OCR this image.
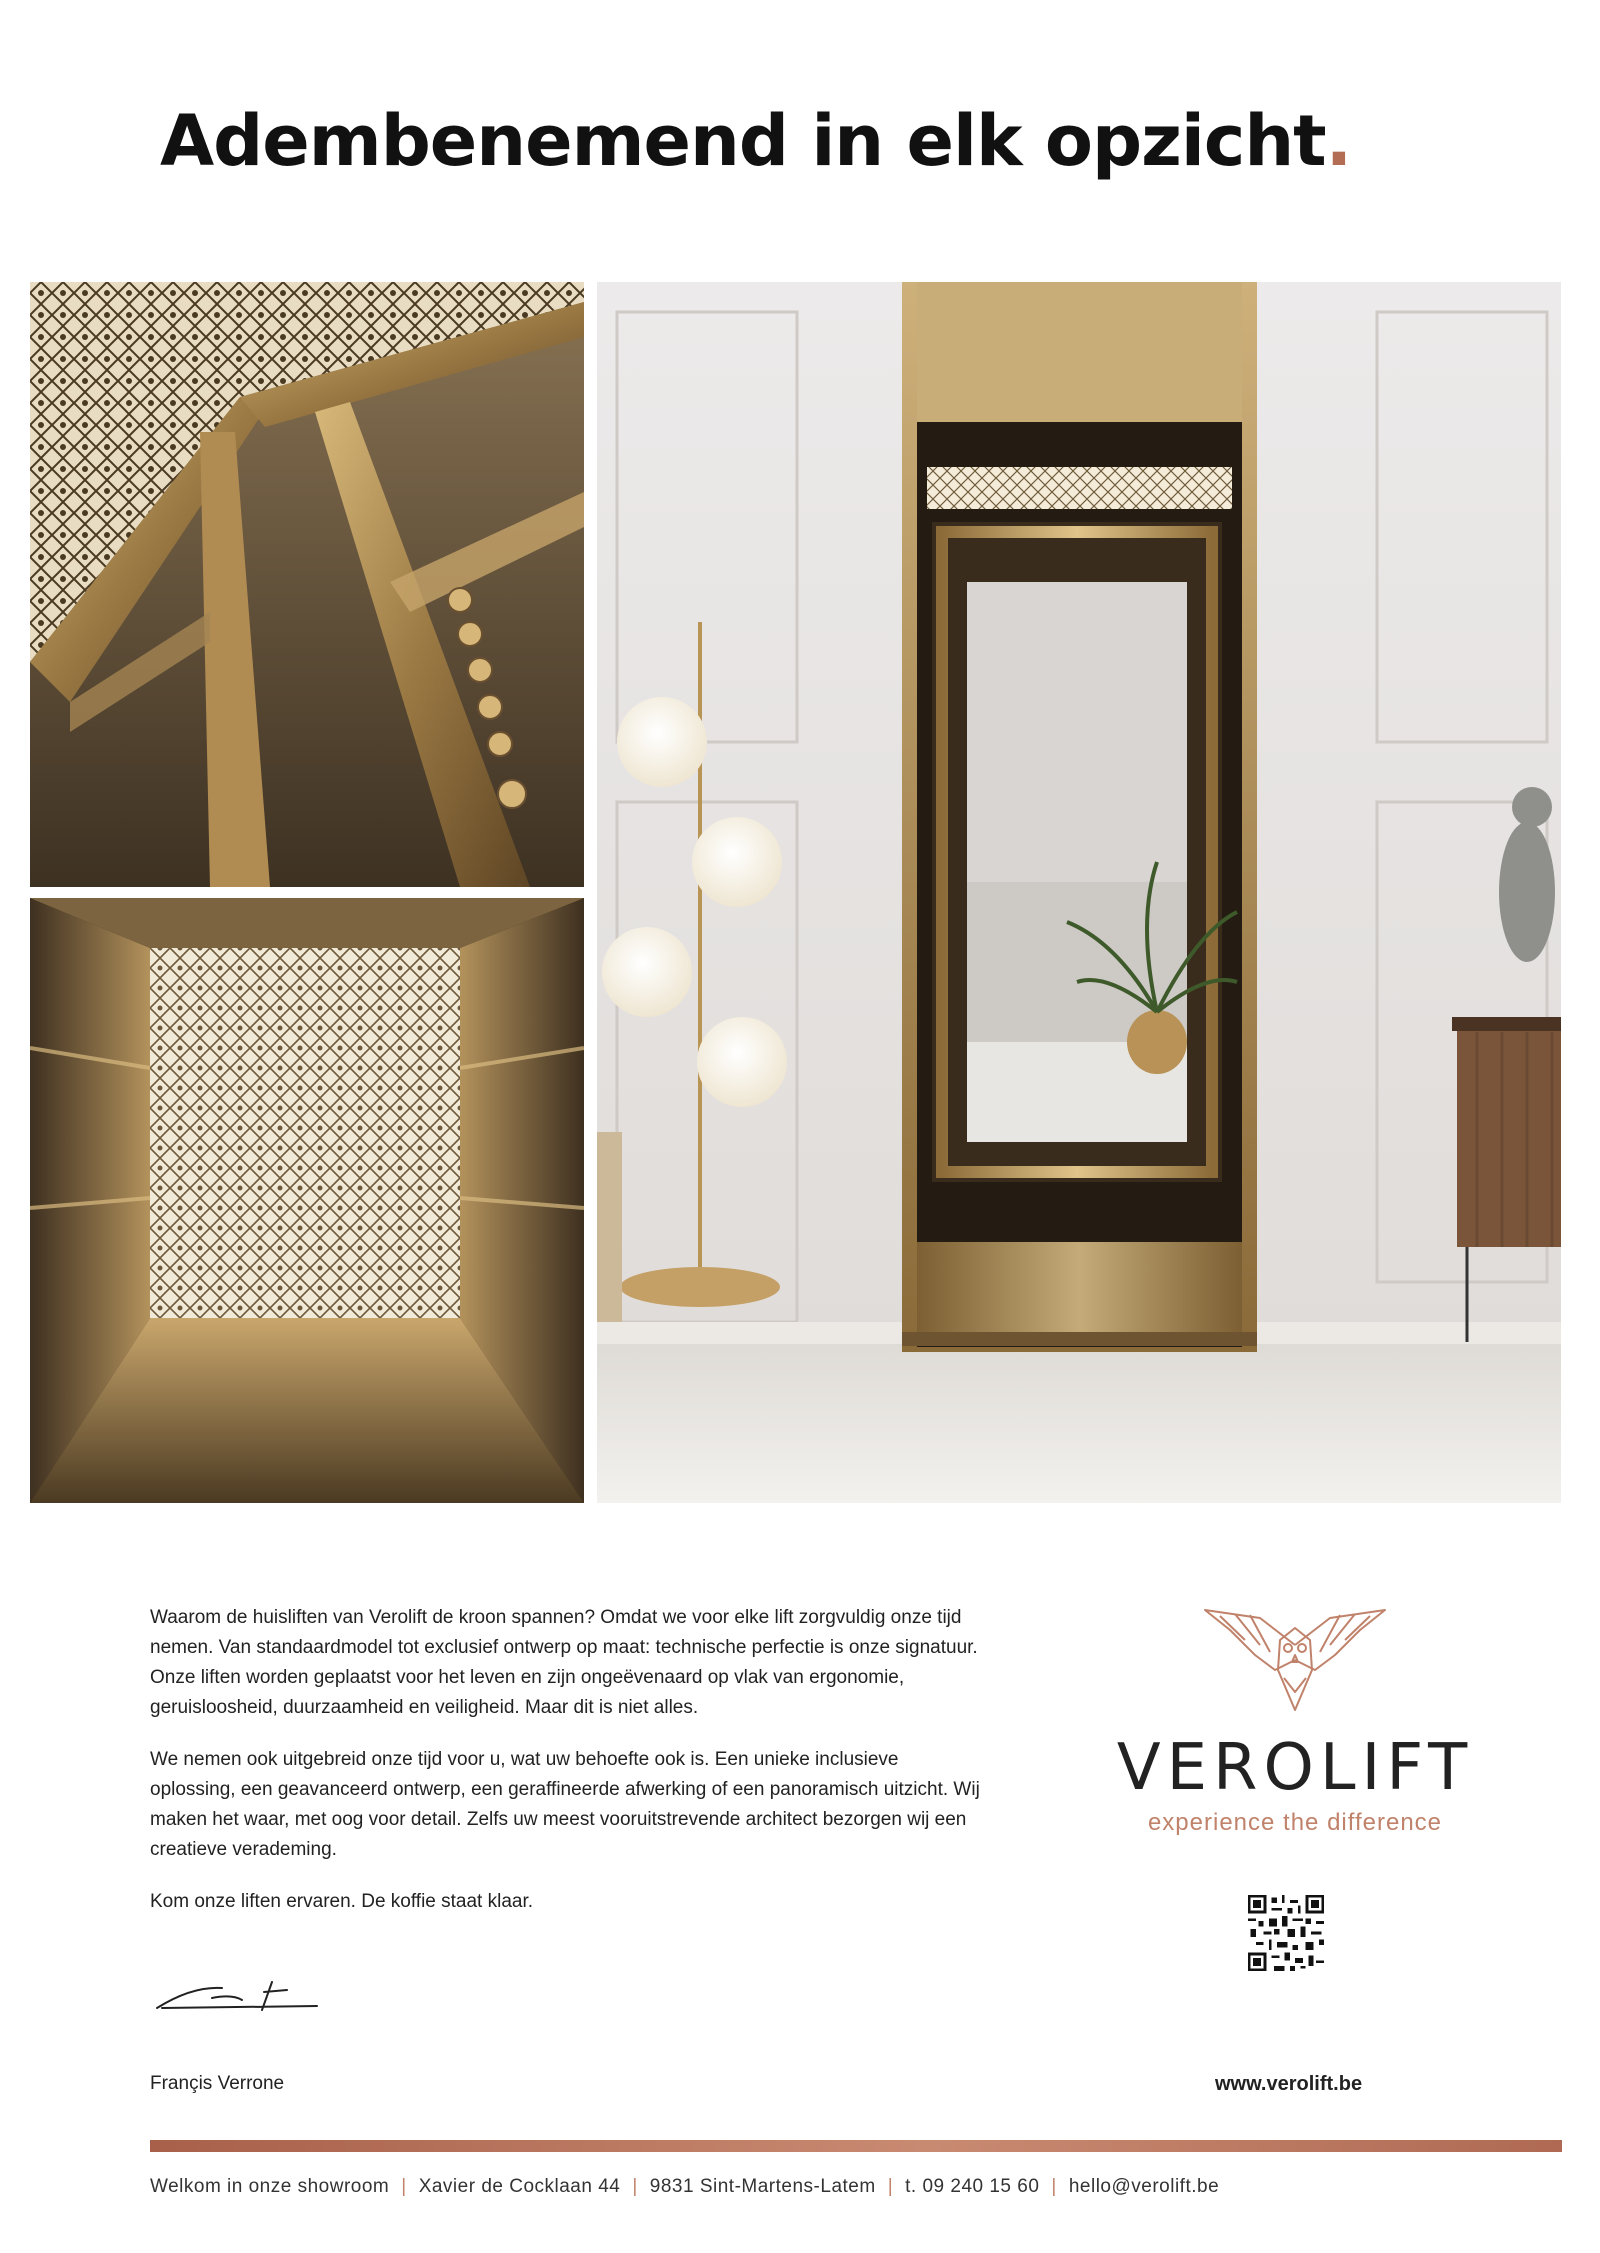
Adembenemend in elk opzicht.

Waarom de huisliften van Verolift de kroon spannen? Omdat we voor elke lift zorgvuldig onze tijd nemen. Van standaardmodel tot exclusief ontwerp op maat: technische perfectie is onze signatuur. Onze liften worden geplaatst voor het leven en zijn ongeëvenaard op vlak van ergonomie, geruisloosheid, duurzaamheid en veiligheid. Maar dit is niet alles.

We nemen ook uitgebreid onze tijd voor u, wat uw behoefte ook is. Een unieke inclusieve oplossing, een geavanceerd ontwerp, een geraffineerde afwerking of een panoramisch uitzicht. Wij maken het waar, met oog voor detail. Zelfs uw meest vooruitstrevende architect bezorgen wij een creatieve verademing.

Kom onze liften ervaren. De koffie staat klaar.

Françis Verrone
VEROLIFT
experience the difference
www.verolift.be
Welkom in onze showroom | Xavier de Cocklaan 44 | 9831 Sint-Martens-Latem | t. 09 240 15 60 | hello@verolift.be
